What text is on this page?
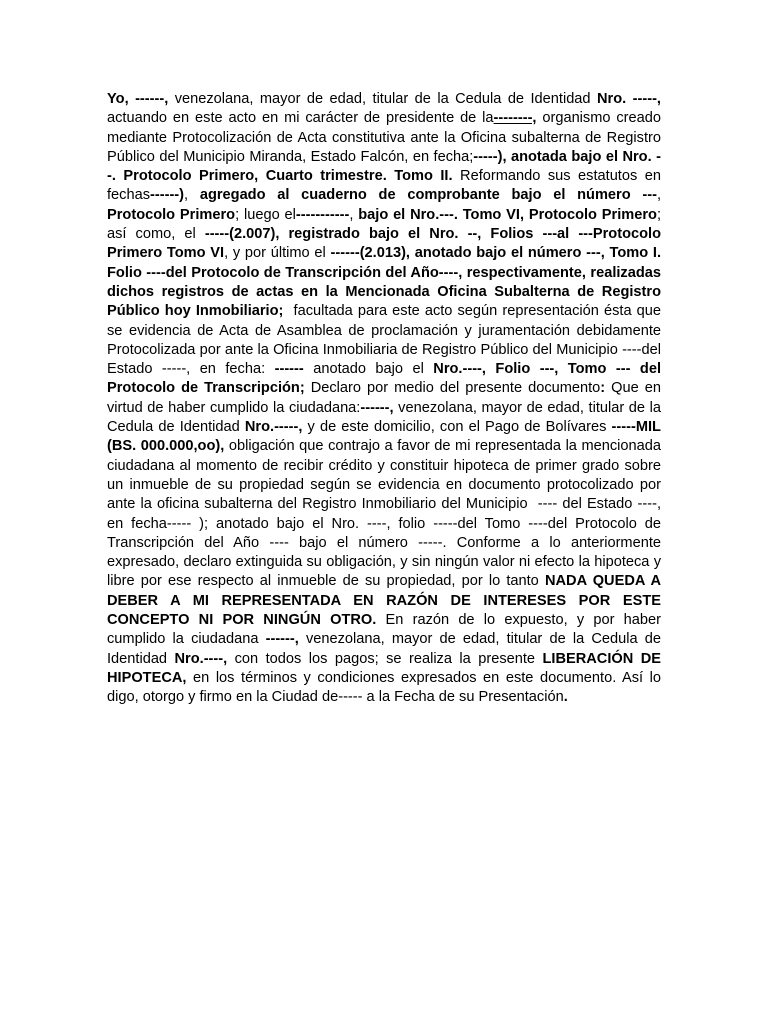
Yo, ------, venezolana, mayor de edad, titular de la Cedula de Identidad Nro. -----, actuando en este acto en mi carácter de presidente de la--------, organismo creado mediante Protocolización de Acta constitutiva ante la Oficina subalterna de Registro Público del Municipio Miranda, Estado Falcón, en fecha;-----), anotada bajo el Nro. --. Protocolo Primero, Cuarto trimestre. Tomo II. Reformando sus estatutos en fechas------), agregado al cuaderno de comprobante bajo el número ---, Protocolo Primero; luego el-----------, bajo el Nro.---. Tomo VI, Protocolo Primero; así como, el -----(2.007), registrado bajo el Nro. --, Folios ---al ---Protocolo Primero Tomo VI, y por último el ------(2.013), anotado bajo el número ---, Tomo I. Folio ----del Protocolo de Transcripción del Año----, respectivamente, realizadas dichos registros de actas en la Mencionada Oficina Subalterna de Registro Público hoy Inmobiliario;  facultada para este acto según representación ésta que se evidencia de Acta de Asamblea de proclamación y juramentación debidamente Protocolizada por ante la Oficina Inmobiliaria de Registro Público del Municipio ----del Estado -----, en fecha: ------ anotado bajo el Nro.----, Folio ---, Tomo --- del Protocolo de Transcripción; Declaro por medio del presente documento: Que en virtud de haber cumplido la ciudadana:------, venezolana, mayor de edad, titular de la Cedula de Identidad Nro.-----, y de este domicilio, con el Pago de Bolívares -----MIL (BS. 000.000,oo), obligación que contrajo a favor de mi representada la mencionada ciudadana al momento de recibir crédito y constituir hipoteca de primer grado sobre un inmueble de su propiedad según se evidencia en documento protocolizado por ante la oficina subalterna del Registro Inmobiliario del Municipio  ---- del Estado ----, en fecha----- ); anotado bajo el Nro. ----, folio -----del Tomo ----del Protocolo de Transcripción del Año ---- bajo el número -----. Conforme a lo anteriormente expresado, declaro extinguida su obligación, y sin ningún valor ni efecto la hipoteca y libre por ese respecto al inmueble de su propiedad, por lo tanto NADA QUEDA A DEBER A MI REPRESENTADA EN RAZÓN DE INTERESES POR ESTE CONCEPTO NI POR NINGÚN OTRO. En razón de lo expuesto, y por haber cumplido la ciudadana ------, venezolana, mayor de edad, titular de la Cedula de Identidad Nro.----, con todos los pagos; se realiza la presente LIBERACIÓN DE HIPOTECA, en los términos y condiciones expresados en este documento. Así lo digo, otorgo y firmo en la Ciudad de----- a la Fecha de su Presentación.
